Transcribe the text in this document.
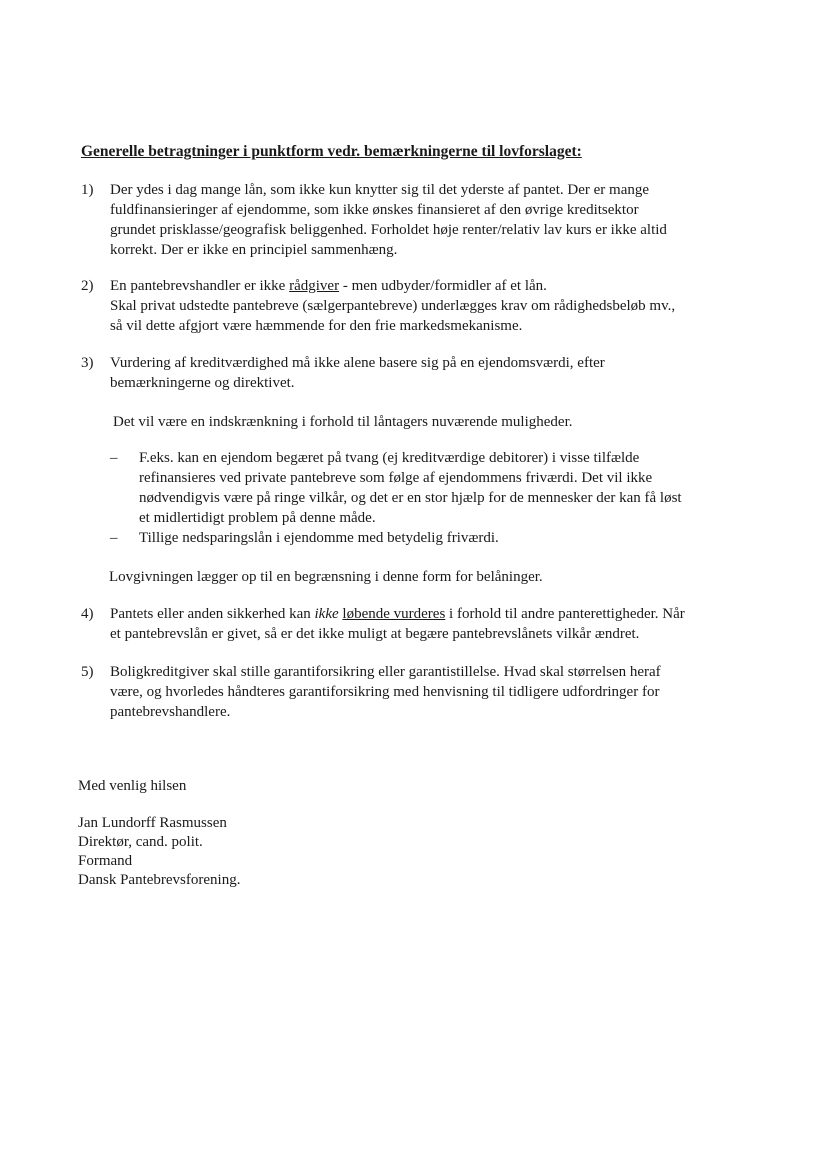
Generelle betragtninger i punktform vedr. bemærkningerne til lovforslaget:
1) Der ydes i dag mange lån, som ikke kun knytter sig til det yderste af pantet. Der er mange
fuldfinansieringer af ejendomme, som ikke ønskes finansieret af den øvrige kreditsektor
grundet prisklasse/geografisk beliggenhed. Forholdet høje renter/relativ lav kurs er ikke altid
korrekt. Der er ikke en principiel sammenhæng.
2) En pantebrevshandler er ikke rådgiver - men udbyder/formidler af et lån.
Skal privat udstedte pantebreve (sælgerpantebreve) underlægges krav om rådighedsbeløb mv.,
så vil dette afgjort være hæmmende for den frie markedsmekanisme.
3) Vurdering af kreditværdighed må ikke alene basere sig på en ejendomsværdi, efter
bemærkningerne og direktivet.
Det vil være en indskrænkning i forhold til låntagers nuværende muligheder.
– F.eks. kan en ejendom begæret på tvang (ej kreditværdige debitorer) i visse tilfælde
refinansieres ved private pantebreve som følge af ejendommens friværdi. Det vil ikke
nødvendigvis være på ringe vilkår, og det er en stor hjælp for de mennesker der kan få løst
et midlertidigt problem på denne måde.
– Tillige nedsparingslån i ejendomme med betydelig friværdi.
Lovgivningen lægger op til en begrænsning i denne form for belåninger.
4) Pantets eller anden sikkerhed kan ikke løbende vurderes i forhold til andre panterettigheder. Når
et pantebrevslån er givet, så er det ikke muligt at begære pantebrevslånets vilkår ændret.
5) Boligkreditgiver skal stille garantiforsikring eller garantistillelse. Hvad skal størrelsen heraf
være, og hvorledes håndteres garantiforsikring med henvisning til tidligere udfordringer for
pantebrevshandlere.
Med venlig hilsen
Jan Lundorff Rasmussen
Direktør, cand. polit.
Formand
Dansk Pantebrevsforening.
